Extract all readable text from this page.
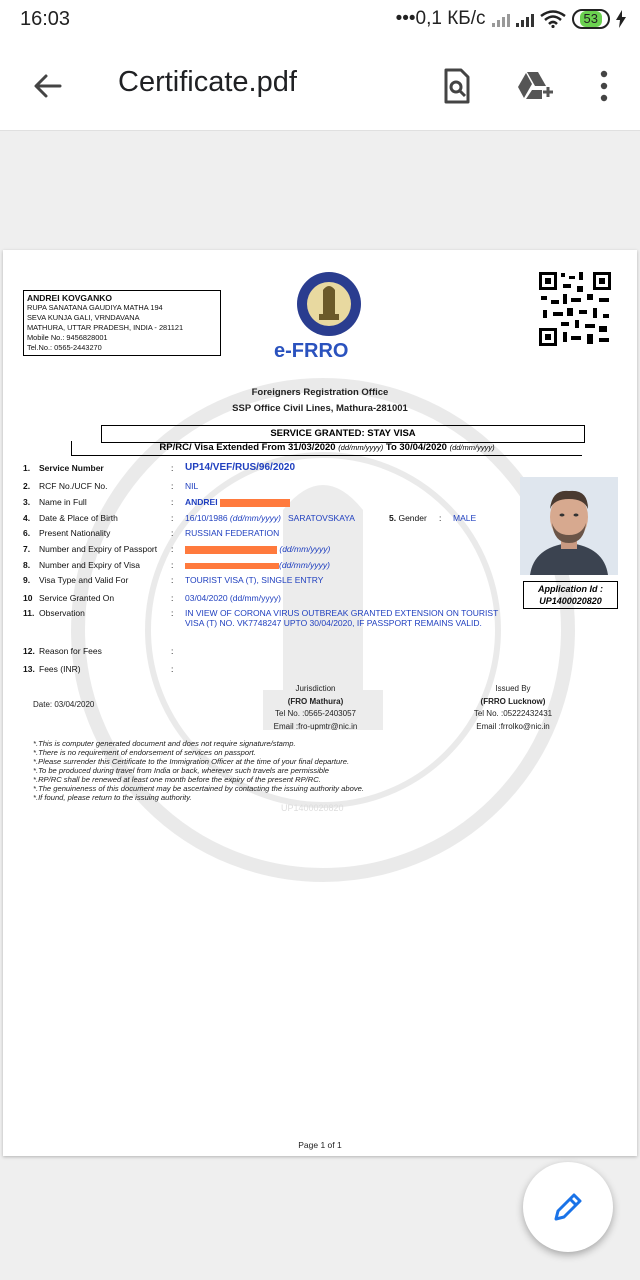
16:03	•••0,1 КБ/с	53
Certificate.pdf
ANDREI KOVGANKO
RUPA SANATANA GAUDIYA MATHA 194
SEVA KUNJA GALI, VRNDAVANA
MATHURA, UTTAR PRADESH, INDIA - 281121
Mobile No.: 9456828001
Tel.No.: 0565-2443270	e-FRRO
Foreigners Registration Office
SSP Office Civil Lines, Mathura-281001
SERVICE GRANTED: STAY VISA
RP/RC/ Visa Extended From 31/03/2020 (dd/mm/yyyy) To 30/04/2020 (dd/mm/yyyy)
1. Service Number	: UP14/VEF/RUS/96/2020
2. RCF No./UCF No.	: NIL
3. Name in Full	: ANDREI
4. Date & Place of Birth	: 16/10/1986 (dd/mm/yyyy) SARATOVSKAYA	5. Gender : MALE
6. Present Nationality	: RUSSIAN FEDERATION
7. Number and Expiry of Passport	:	(dd/mm/yyyy)
8. Number and Expiry of Visa	:	(dd/mm/yyyy)
9. Visa Type and Valid For	: TOURIST VISA (T), SINGLE ENTRY
10 Service Granted On	: 03/04/2020 (dd/mm/yyyy)
11. Observation	: IN VIEW OF CORONA VIRUS OUTBREAK GRANTED EXTENSION ON TOURIST VISA (T) NO. VK7748247 UPTO 30/04/2020, IF PASSPORT REMAINS VALID.
12. Reason for Fees	:
13. Fees (INR)	:
Application Id :
UP1400020820
Date: 03/04/2020
Jurisdiction
(FRO Mathura)
Tel No. :0565-2403057
Email :fro-upmtr@nic.in
Issued By
(FRRO Lucknow)
Tel No. :05222432431
Email :frrolko@nic.in
*.This is computer generated document and does not require signature/stamp.
*.There is no requirement of endorsement of services on passport.
*.Please surrender this Certificate to the Immigration Officer at the time of your final departure.
*.To be produced during travel from India or back, wherever such travels are permissible
*.RP/RC shall be renewed at least one month before the expiry of the present RP/RC.
*.The genuineness of this document may be ascertained by contacting the issuing authority above.
*.If found, please return to the issuing authority.
UP1400020820
Page 1 of 1
